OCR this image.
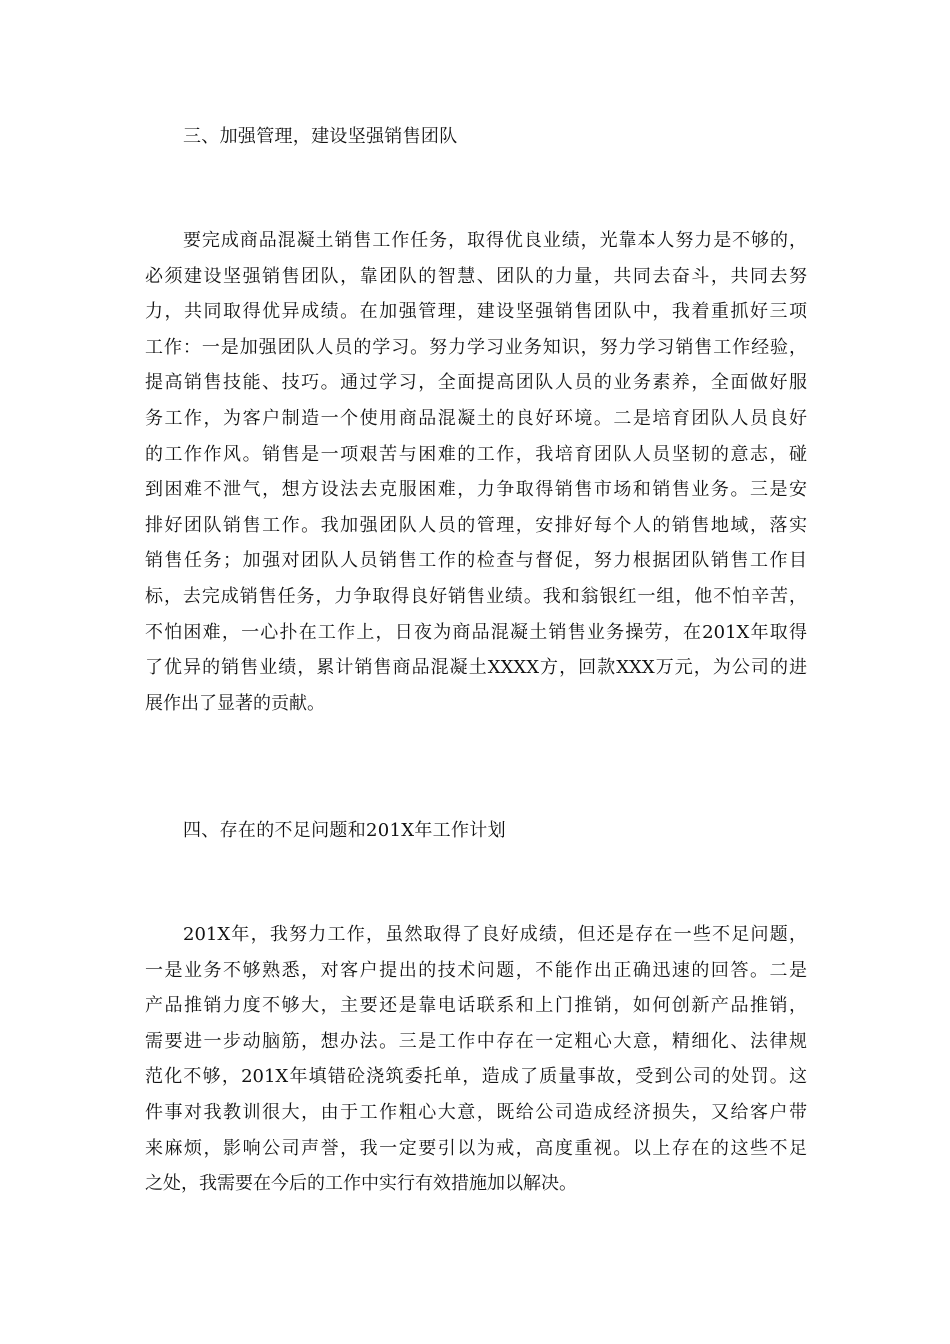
三、加强管理，建设坚强销售团队
要完成商品混凝土销售工作任务，取得优良业绩，光靠本人努力是不够的，
必须建设坚强销售团队，靠团队的智慧、团队的力量，共同去奋斗，共同去努
力，共同取得优异成绩。在加强管理，建设坚强销售团队中，我着重抓好三项
工作：一是加强团队人员的学习。努力学习业务知识，努力学习销售工作经验，
提高销售技能、技巧。通过学习，全面提高团队人员的业务素养，全面做好服
务工作，为客户制造一个使用商品混凝土的良好环境。二是培育团队人员良好
的工作作风。销售是一项艰苦与困难的工作，我培育团队人员坚韧的意志，碰
到困难不泄气，想方设法去克服困难，力争取得销售市场和销售业务。三是安
排好团队销售工作。我加强团队人员的管理，安排好每个人的销售地域，落实
销售任务；加强对团队人员销售工作的检查与督促，努力根据团队销售工作目
标，去完成销售任务，力争取得良好销售业绩。我和翁银红一组，他不怕辛苦，
不怕困难，一心扑在工作上，日夜为商品混凝土销售业务操劳，在201X年取得
了优异的销售业绩，累计销售商品混凝土XXXX方，回款XXX万元，为公司的进
展作出了显著的贡献。
四、存在的不足问题和201X年工作计划
201X年，我努力工作，虽然取得了良好成绩，但还是存在一些不足问题，
一是业务不够熟悉，对客户提出的技术问题，不能作出正确迅速的回答。二是
产品推销力度不够大，主要还是靠电话联系和上门推销，如何创新产品推销，
需要进一步动脑筋，想办法。三是工作中存在一定粗心大意，精细化、法律规
范化不够，201X年填错砼浇筑委托单，造成了质量事故，受到公司的处罚。这
件事对我教训很大，由于工作粗心大意，既给公司造成经济损失，又给客户带
来麻烦，影响公司声誉，我一定要引以为戒，高度重视。以上存在的这些不足
之处，我需要在今后的工作中实行有效措施加以解决。
